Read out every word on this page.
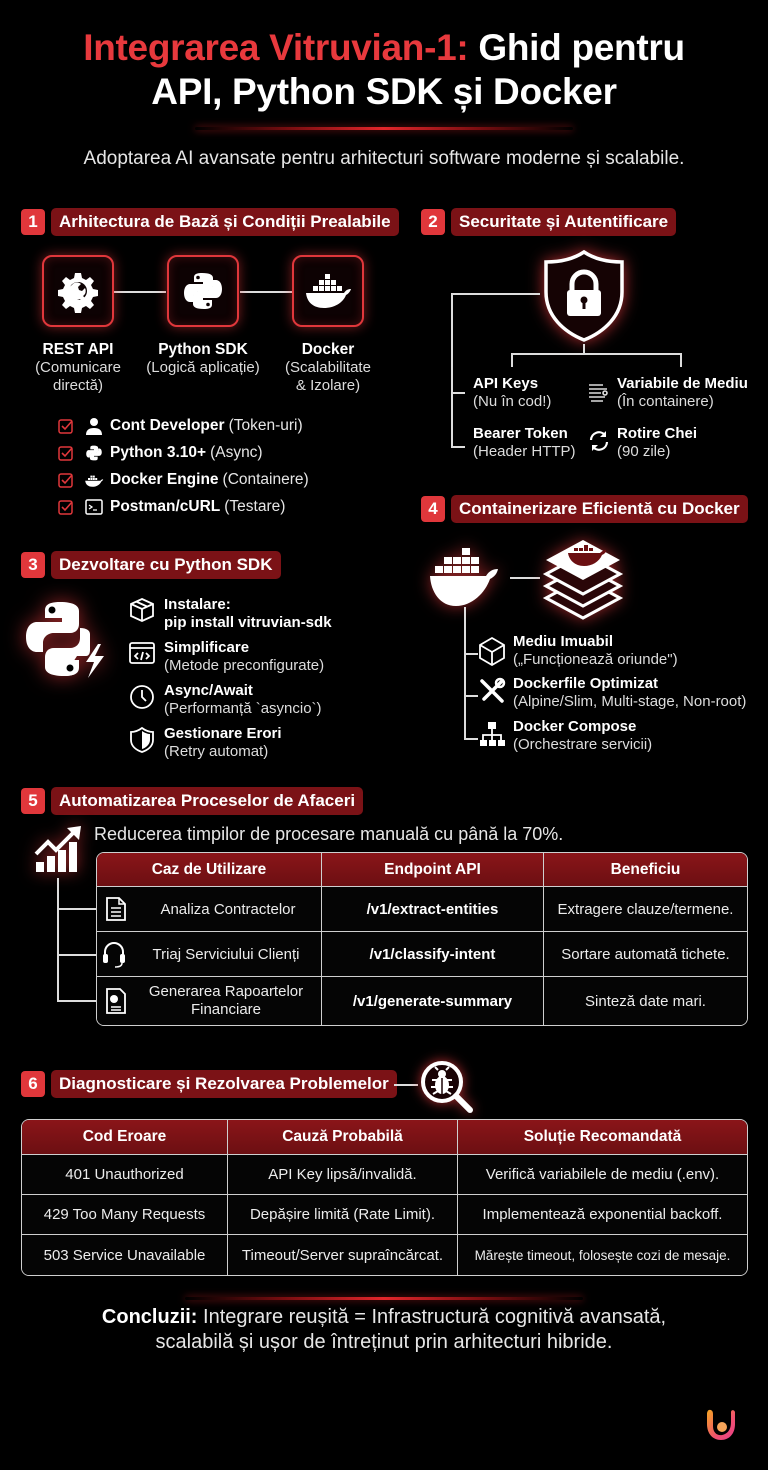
Integrarea Vitruvian-1: Ghid pentru
API, Python SDK și Docker
Adoptarea AI avansate pentru arhitecturi software moderne și scalabile.
1	Arhitectura de Bază și Condiții Prealabile
REST API
(Comunicare
directă)
Python SDK
(Logică aplicație)
Docker
(Scalabilitate
& Izolare)
Cont Developer (Token-uri)
Python 3.10+ (Async)
Docker Engine (Containere)
Postman/cURL (Testare)
2	Securitate și Autentificare
API Keys
(Nu în cod!)
Variabile de Mediu
(În containere)
Bearer Token
(Header HTTP)
Rotire Chei
(90 zile)
3	Dezvoltare cu Python SDK
Instalare:
pip install vitruvian-sdk
Simplificare
(Metode preconfigurate)
Async/Await
(Performanță `asyncio`)
Gestionare Erori
(Retry automat)
4	Containerizare Eficientă cu Docker
Mediu Imuabil
(„Funcționează oriunde")
Dockerfile Optimizat
(Alpine/Slim, Multi-stage, Non-root)
Docker Compose
(Orchestrare servicii)
5	Automatizarea Proceselor de Afaceri
Reducerea timpilor de procesare manuală cu până la 70%.
Caz de Utilizare	Endpoint API	Beneficiu

Analiza Contractelor	/v1/extract-entities	Extragere clauze/termene.

Triaj Serviciului Clienți	/v1/classify-intent	Sortare automată tichete.

Generarea Rapoartelor Financiare	/v1/generate-summary	Sinteză date mari.
6	Diagnosticare și Rezolvarea Problemelor
Cod Eroare	Cauză Probabilă	Soluție Recomandată
401 Unauthorized	API Key lipsă/invalidă.	Verifică variabilele de mediu (.env).
429 Too Many Requests	Depășire limită (Rate Limit).	Implementează exponential backoff.
503 Service Unavailable	Timeout/Server supraîncărcat.	Mărește timeout, folosește cozi de mesaje.
Concluzii: Integrare reușită = Infrastructură cognitivă avansată,
scalabilă și ușor de întreținut prin arhitecturi hibride.
